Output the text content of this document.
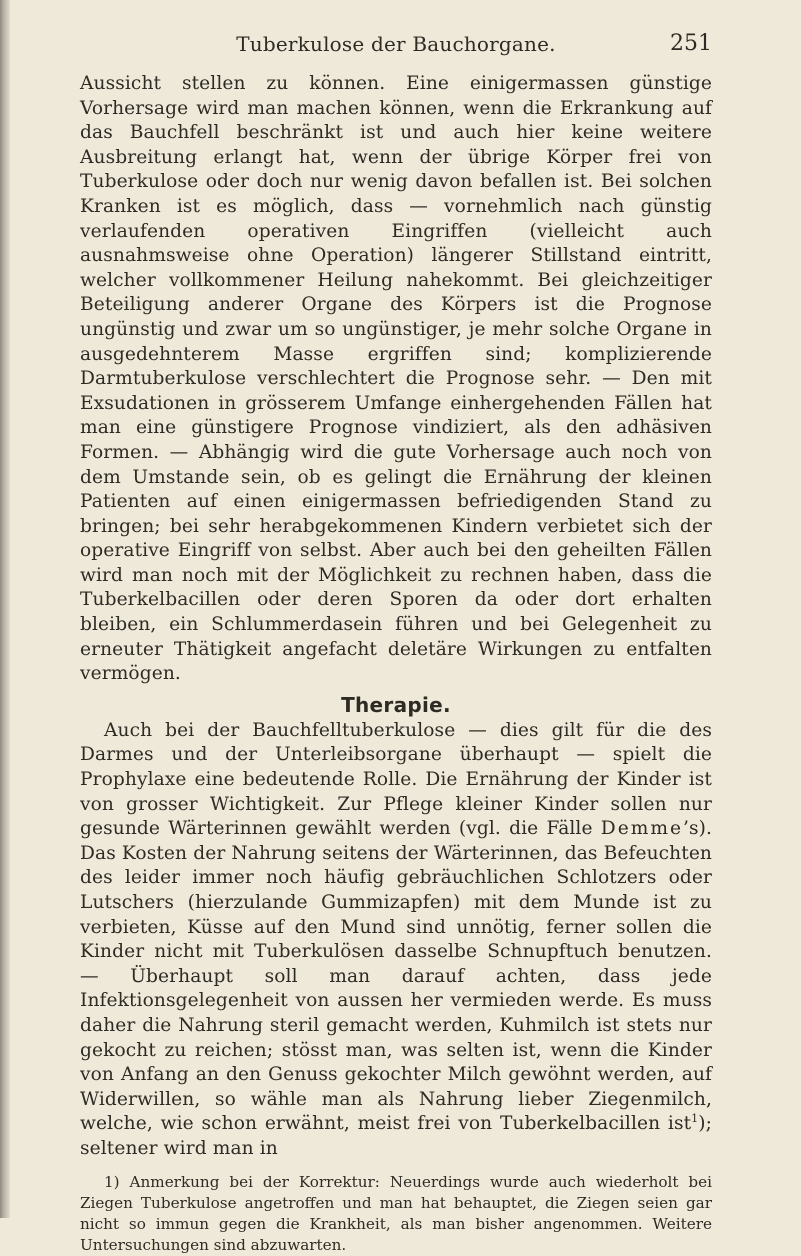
Tuberkulose der Bauchorgane.	251

Aussicht stellen zu können. Eine einigermassen günstige Vorhersage wird man machen können, wenn die Erkrankung auf das Bauchfell beschränkt ist und auch hier keine weitere Ausbreitung erlangt hat, wenn der übrige Körper frei von Tuberkulose oder doch nur wenig davon befallen ist. Bei solchen Kranken ist es möglich, dass — vornehmlich nach günstig verlaufenden operativen Eingriffen (vielleicht auch ausnahmsweise ohne Operation) längerer Stillstand eintritt, welcher vollkommener Heilung nahekommt. Bei gleichzeitiger Beteiligung anderer Organe des Körpers ist die Prognose ungünstig und zwar um so ungünstiger, je mehr solche Organe in ausgedehnterem Masse ergriffen sind; komplizierende Darmtuberkulose verschlechtert die Prognose sehr. — Den mit Exsudationen in grösserem Umfange einhergehenden Fällen hat man eine günstigere Prognose vindiziert, als den adhäsiven Formen. — Abhängig wird die gute Vorhersage auch noch von dem Umstande sein, ob es gelingt die Ernährung der kleinen Patienten auf einen einigermassen befriedigenden Stand zu bringen; bei sehr herabgekommenen Kindern verbietet sich der operative Eingriff von selbst. Aber auch bei den geheilten Fällen wird man noch mit der Möglichkeit zu rechnen haben, dass die Tuberkelbacillen oder deren Sporen da oder dort erhalten bleiben, ein Schlummerdasein führen und bei Gelegenheit zu erneuter Thätigkeit angefacht deletäre Wirkungen zu entfalten vermögen.

Therapie.

Auch bei der Bauchfelltuberkulose — dies gilt für die des Darmes und der Unterleibsorgane überhaupt — spielt die Prophylaxe eine bedeutende Rolle. Die Ernährung der Kinder ist von grosser Wichtigkeit. Zur Pflege kleiner Kinder sollen nur gesunde Wärterinnen gewählt werden (vgl. die Fälle Demme’s). Das Kosten der Nahrung seitens der Wärterinnen, das Befeuchten des leider immer noch häufig gebräuchlichen Schlotzers oder Lutschers (hierzulande Gummizapfen) mit dem Munde ist zu verbieten, Küsse auf den Mund sind unnötig, ferner sollen die Kinder nicht mit Tuberkulösen dasselbe Schnupftuch benutzen. — Überhaupt soll man darauf achten, dass jede Infektionsgelegenheit von aussen her vermieden werde. Es muss daher die Nahrung steril gemacht werden, Kuhmilch ist stets nur gekocht zu reichen; stösst man, was selten ist, wenn die Kinder von Anfang an den Genuss gekochter Milch gewöhnt werden, auf Widerwillen, so wähle man als Nahrung lieber Ziegenmilch, welche, wie schon erwähnt, meist frei von Tuberkelbacillen ist$^1$); seltener wird man in

1) Anmerkung bei der Korrektur: Neuerdings wurde auch wiederholt bei Ziegen Tuberkulose angetroffen und man hat behauptet, die Ziegen seien gar nicht so immun gegen die Krankheit, als man bisher angenommen. Weitere Untersuchungen sind abzuwarten.
